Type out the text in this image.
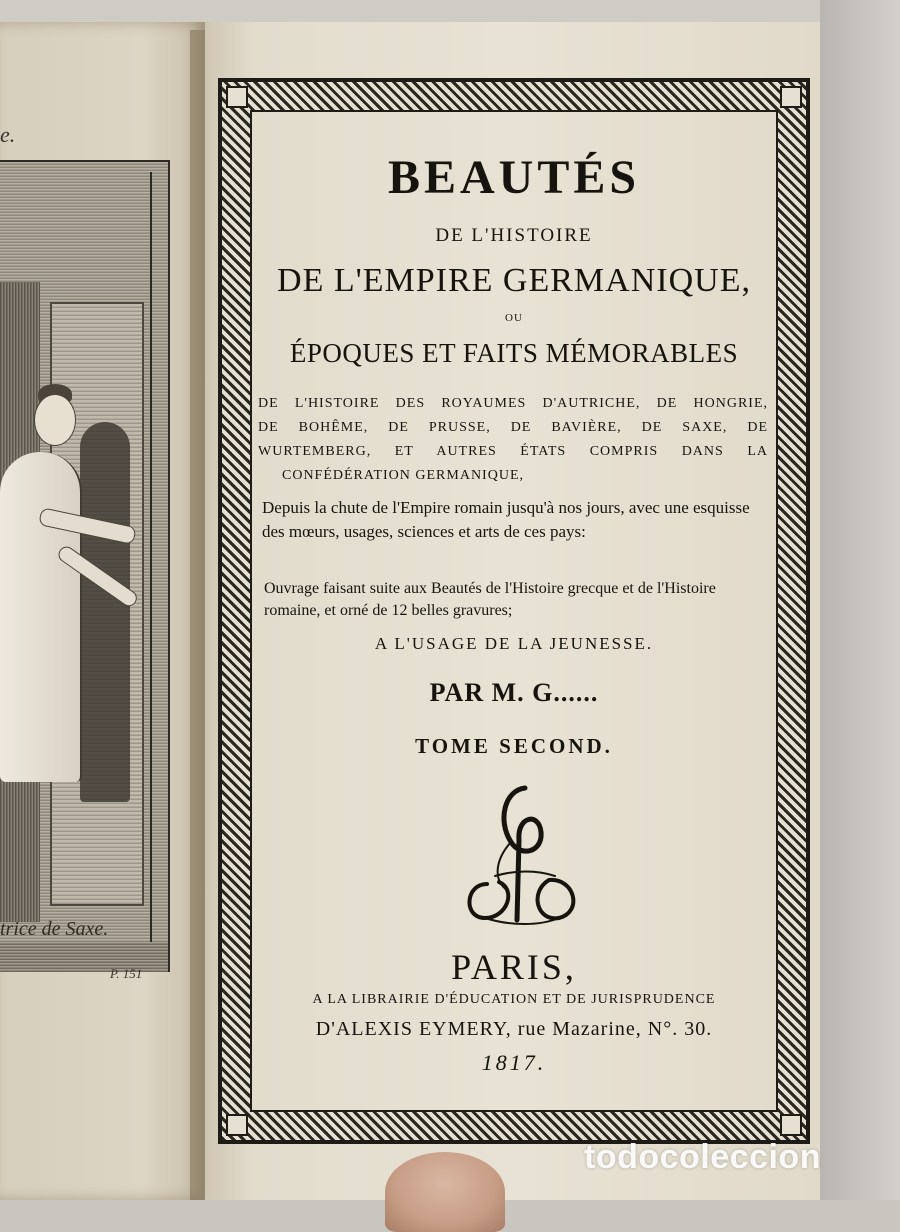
e.
trice de Saxe.
P. 151
BEAUTÉS
DE L'HISTOIRE
DE L'EMPIRE GERMANIQUE,
OU
ÉPOQUES ET FAITS MÉMORABLES
DE L'HISTOIRE DES ROYAUMES D'AUTRICHE, DE HONGRIE,
DE BOHÊME, DE PRUSSE, DE BAVIÈRE, DE SAXE, DE
WURTEMBERG, ET AUTRES ÉTATS COMPRIS DANS LA
CONFÉDÉRATION GERMANIQUE,
Depuis la chute de l'Empire romain jusqu'à nos jours, avec une esquisse des mœurs, usages, sciences et arts de ces pays:
Ouvrage faisant suite aux Beautés de l'Histoire grecque et de l'Histoire romaine, et orné de 12 belles gravures;
A L'USAGE DE LA JEUNESSE.
PAR M. G......
TOME SECOND.
PARIS,
A LA LIBRAIRIE D'ÉDUCATION ET DE JURISPRUDENCE
D'ALEXIS EYMERY, rue Mazarine, N°. 30.
1817.
todocoleccion
